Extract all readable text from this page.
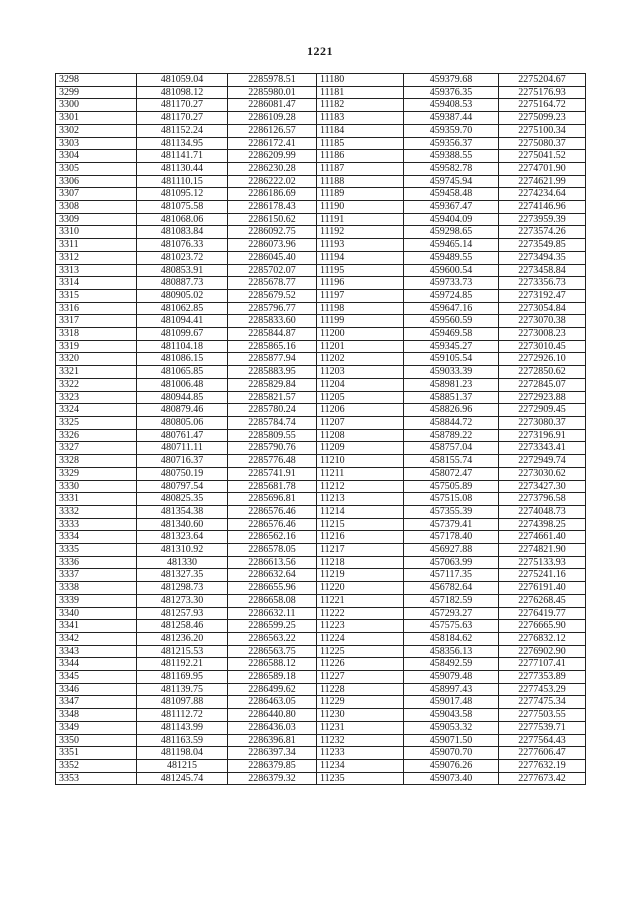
1221
3298	481059.04	2285978.51	11180	459379.68	2275204.67
3299	481098.12	2285980.01	11181	459376.35	2275176.93
3300	481170.27	2286081.47	11182	459408.53	2275164.72
3301	481170.27	2286109.28	11183	459387.44	2275099.23
3302	481152.24	2286126.57	11184	459359.70	2275100.34
3303	481134.95	2286172.41	11185	459356.37	2275080.37
3304	481141.71	2286209.99	11186	459388.55	2275041.52
3305	481130.44	2286230.28	11187	459582.78	2274701.90
3306	481110.15	2286222.02	11188	459745.94	2274621.99
3307	481095.12	2286186.69	11189	459458.48	2274234.64
3308	481075.58	2286178.43	11190	459367.47	2274146.96
3309	481068.06	2286150.62	11191	459404.09	2273959.39
3310	481083.84	2286092.75	11192	459298.65	2273574.26
3311	481076.33	2286073.96	11193	459465.14	2273549.85
3312	481023.72	2286045.40	11194	459489.55	2273494.35
3313	480853.91	2285702.07	11195	459600.54	2273458.84
3314	480887.73	2285678.77	11196	459733.73	2273356.73
3315	480905.02	2285679.52	11197	459724.85	2273192.47
3316	481062.85	2285796.77	11198	459647.16	2273054.84
3317	481094.41	2285833.60	11199	459560.59	2273070.38
3318	481099.67	2285844.87	11200	459469.58	2273008.23
3319	481104.18	2285865.16	11201	459345.27	2273010.45
3320	481086.15	2285877.94	11202	459105.54	2272926.10
3321	481065.85	2285883.95	11203	459033.39	2272850.62
3322	481006.48	2285829.84	11204	458981.23	2272845.07
3323	480944.85	2285821.57	11205	458851.37	2272923.88
3324	480879.46	2285780.24	11206	458826.96	2272909.45
3325	480805.06	2285784.74	11207	458844.72	2273080.37
3326	480761.47	2285809.55	11208	458789.22	2273196.91
3327	480711.11	2285790.76	11209	458757.04	2273343.41
3328	480716.37	2285776.48	11210	458155.74	2272949.74
3329	480750.19	2285741.91	11211	458072.47	2273030.62
3330	480797.54	2285681.78	11212	457505.89	2273427.30
3331	480825.35	2285696.81	11213	457515.08	2273796.58
3332	481354.38	2286576.46	11214	457355.39	2274048.73
3333	481340.60	2286576.46	11215	457379.41	2274398.25
3334	481323.64	2286562.16	11216	457178.40	2274661.40
3335	481310.92	2286578.05	11217	456927.88	2274821.90
3336	481330	2286613.56	11218	457063.99	2275133.93
3337	481327.35	2286632.64	11219	457117.35	2275241.16
3338	481298.73	2286655.96	11220	456782.64	2276191.40
3339	481273.30	2286658.08	11221	457182.59	2276268.45
3340	481257.93	2286632.11	11222	457293.27	2276419.77
3341	481258.46	2286599.25	11223	457575.63	2276665.90
3342	481236.20	2286563.22	11224	458184.62	2276832.12
3343	481215.53	2286563.75	11225	458356.13	2276902.90
3344	481192.21	2286588.12	11226	458492.59	2277107.41
3345	481169.95	2286589.18	11227	459079.48	2277353.89
3346	481139.75	2286499.62	11228	458997.43	2277453.29
3347	481097.88	2286463.05	11229	459017.48	2277475.34
3348	481112.72	2286440.80	11230	459043.58	2277503.55
3349	481143.99	2286436.03	11231	459053.32	2277539.71
3350	481163.59	2286396.81	11232	459071.50	2277564.43
3351	481198.04	2286397.34	11233	459070.70	2277606.47
3352	481215	2286379.85	11234	459076.26	2277632.19
3353	481245.74	2286379.32	11235	459073.40	2277673.42
